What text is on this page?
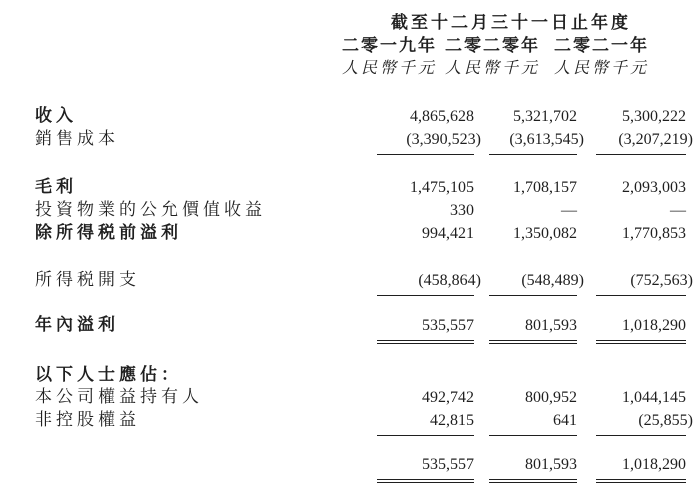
截至十二月三十一日止年度
二零一九年 二零二零年 二零二一年
人民幣千元 人民幣千元 人民幣千元
收入	4,865,628	5,321,702	5,300,222
銷售成本	(3,390,523)	(3,613,545)	(3,207,219)
毛利	1,475,105	1,708,157	2,093,003
投資物業的公允價值收益	330	—	—
除所得税前溢利	994,421	1,350,082	1,770,853
所得税開支	(458,864)	(548,489)	(752,563)
年內溢利	535,557	801,593	1,018,290
以下人士應佔：
本公司權益持有人	492,742	800,952	1,044,145
非控股權益	42,815	641	(25,855)
535,557	801,593	1,018,290
